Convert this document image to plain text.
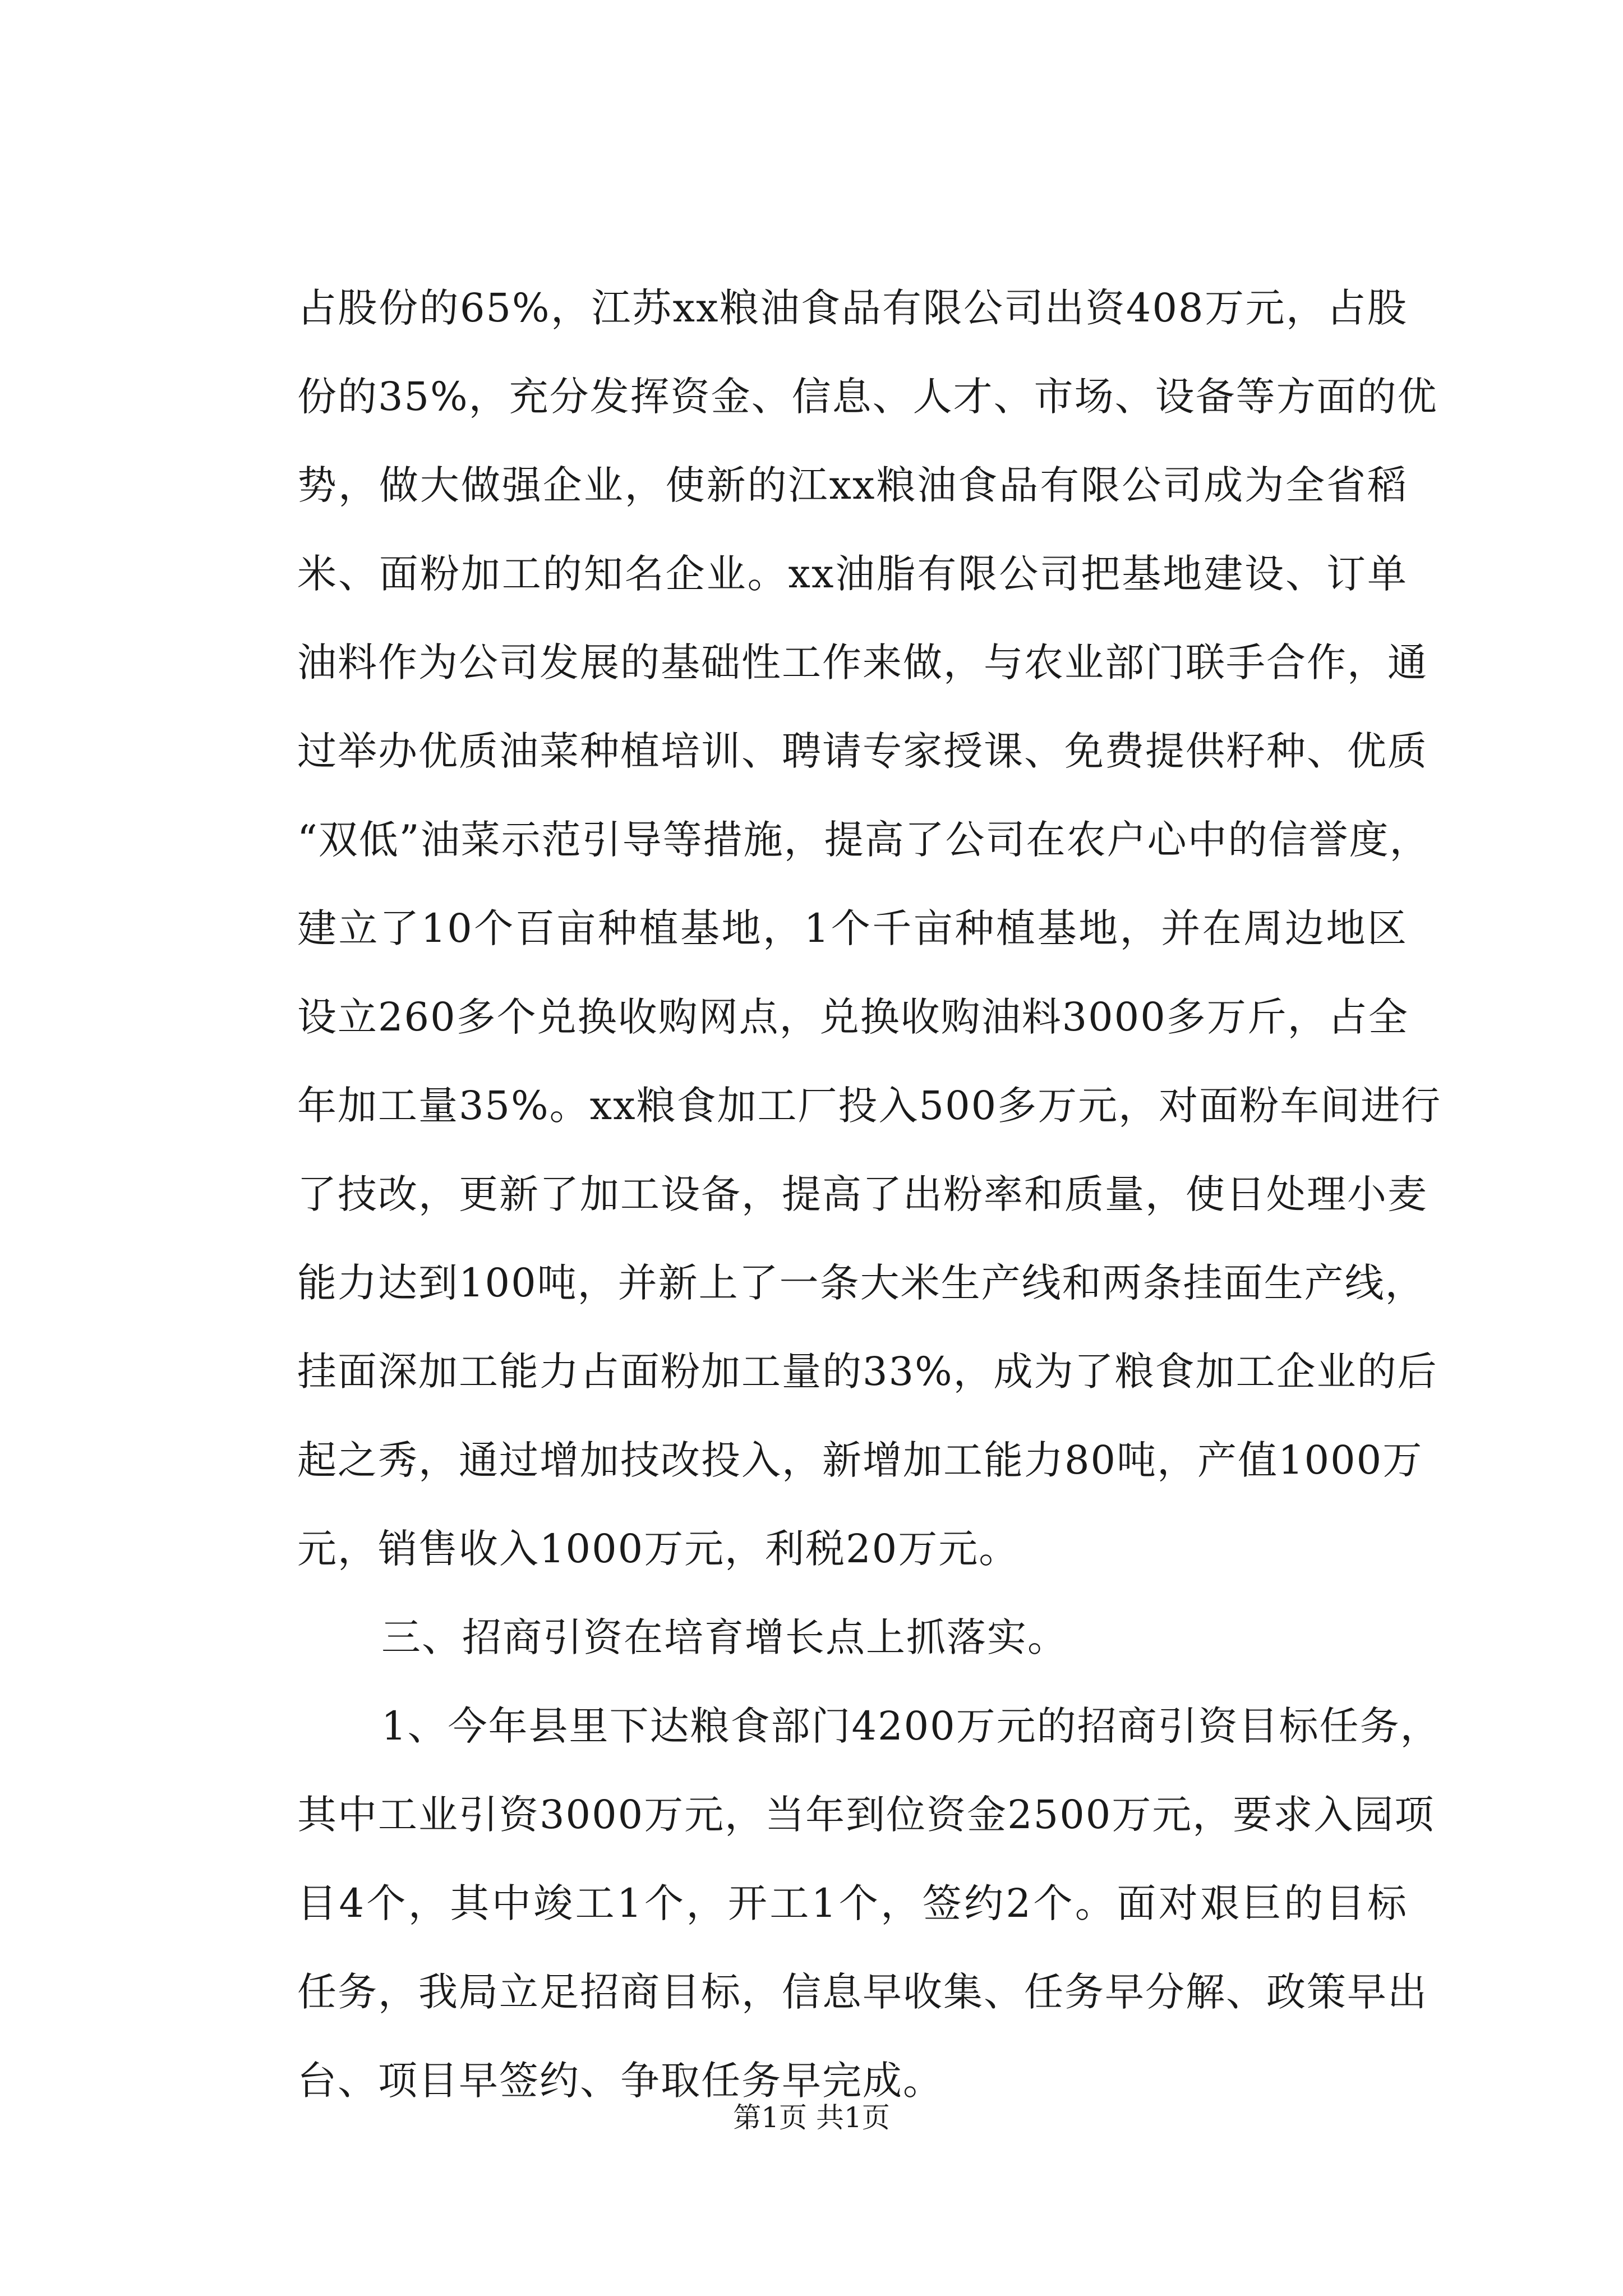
占股份的65%，江苏xx粮油食品有限公司出资408万元，占股
份的35%，充分发挥资金、信息、人才、市场、设备等方面的优
势，做大做强企业，使新的江xx粮油食品有限公司成为全省稻
米、面粉加工的知名企业。xx油脂有限公司把基地建设、订单
油料作为公司发展的基础性工作来做，与农业部门联手合作，通
过举办优质油菜种植培训、聘请专家授课、免费提供籽种、优质
“双低”油菜示范引导等措施，提高了公司在农户心中的信誉度，
建立了10个百亩种植基地，1个千亩种植基地，并在周边地区
设立260多个兑换收购网点，兑换收购油料3000多万斤，占全
年加工量35%。xx粮食加工厂投入500多万元，对面粉车间进行
了技改，更新了加工设备，提高了出粉率和质量，使日处理小麦
能力达到100吨，并新上了一条大米生产线和两条挂面生产线，
挂面深加工能力占面粉加工量的33%，成为了粮食加工企业的后
起之秀，通过增加技改投入，新增加工能力80吨，产值1000万
元，销售收入1000万元，利税20万元。
三、招商引资在培育增长点上抓落实。
1、今年县里下达粮食部门4200万元的招商引资目标任务，
其中工业引资3000万元，当年到位资金2500万元，要求入园项
目4个，其中竣工1个，开工1个，签约2个。面对艰巨的目标
任务，我局立足招商目标，信息早收集、任务早分解、政策早出
台、项目早签约、争取任务早完成。
第1页 共1页
